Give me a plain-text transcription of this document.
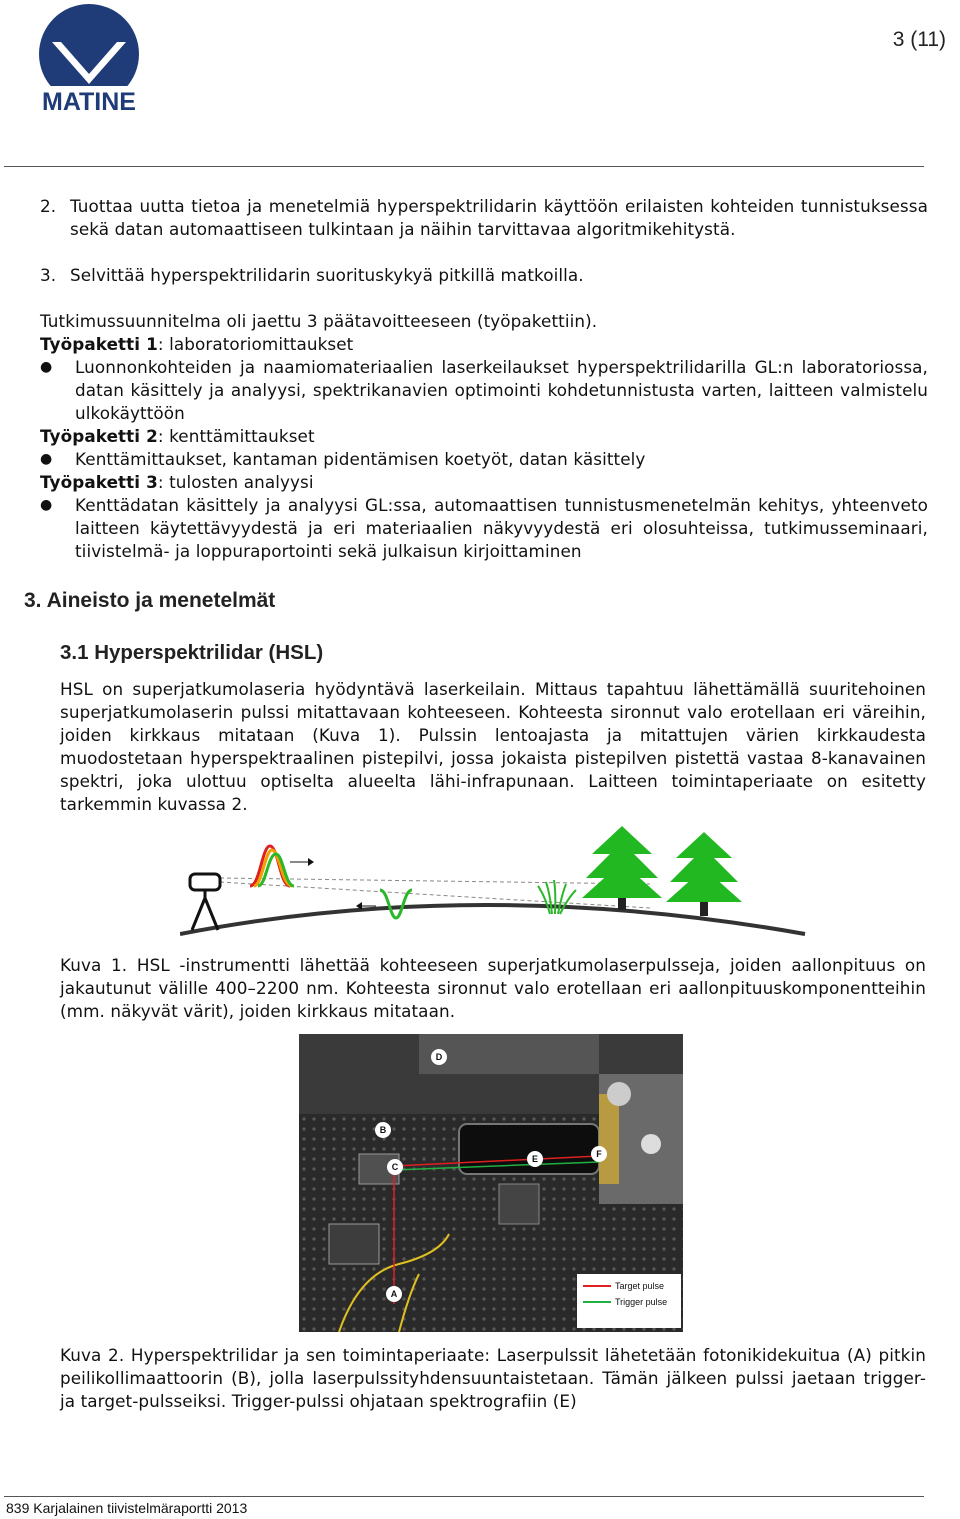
MATINE
3 (11)
2. Tuottaa uutta tietoa ja menetelmiä hyperspektrilidarin käyttöön erilaisten kohteiden tunnistuksessa sekä datan automaattiseen tulkintaan ja näihin tarvittavaa algoritmikehitystä.
3. Selvittää hyperspektrilidarin suorituskykyä pitkillä matkoilla.
Tutkimussuunnitelma oli jaettu 3 päätavoitteeseen (työpakettiin).
Työpaketti 1: laboratoriomittaukset
●	Luonnonkohteiden ja naamiomateriaalien laserkeilaukset hyperspektrilidarilla GL:n laboratoriossa, datan käsittely ja analyysi, spektrikanavien optimointi kohdetunnistusta varten, laitteen valmistelu ulkokäyttöön
Työpaketti 2: kenttämittaukset
●	Kenttämittaukset, kantaman pidentämisen koetyöt, datan käsittely
Työpaketti 3: tulosten analyysi
●	Kenttädatan käsittely ja analyysi GL:ssa, automaattisen tunnistusmenetelmän kehitys, yhteenveto laitteen käytettävyydestä ja eri materiaalien näkyvyydestä eri olosuhteissa, tutkimusseminaari, tiivistelmä- ja loppuraportointi sekä julkaisun kirjoittaminen
3. Aineisto ja menetelmät
3.1 Hyperspektrilidar (HSL)
HSL on superjatkumolaseria hyödyntävä laserkeilain. Mittaus tapahtuu lähettämällä suuritehoinen superjatkumolaserin pulssi mitattavaan kohteeseen. Kohteesta sironnut valo erotellaan eri väreihin, joiden kirkkaus mitataan (Kuva 1). Pulssin lentoajasta ja mitattujen värien kirkkaudesta muodostetaan hyperspektraalinen pistepilvi, jossa jokaista pistepilven pistettä vastaa 8-kanavainen spektri, joka ulottuu optiselta alueelta lähi-infrapunaan. Laitteen toimintaperiaate on esitetty tarkemmin kuvassa 2.
Kuva 1. HSL -instrumentti lähettää kohteeseen superjatkumolaserpulsseja, joiden aallonpituus on jakautunut välille 400–2200 nm. Kohteesta sironnut valo erotellaan eri aallonpituuskomponentteihin (mm. näkyvät värit), joiden kirkkaus mitataan.
D
B
C
E	F
A
Target pulse
Trigger pulse
Kuva 2. Hyperspektrilidar ja sen toimintaperiaate: Laserpulssit lähetetään fotonikidekuitua (A) pitkin peilikollimaattoorin (B), jolla laserpulssityhdensuuntaistetaan. Tämän jälkeen pulssi jaetaan trigger- ja target-pulsseiksi. Trigger-pulssi ohjataan spektrografiin (E)
839 Karjalainen tiivistelmäraportti 2013
